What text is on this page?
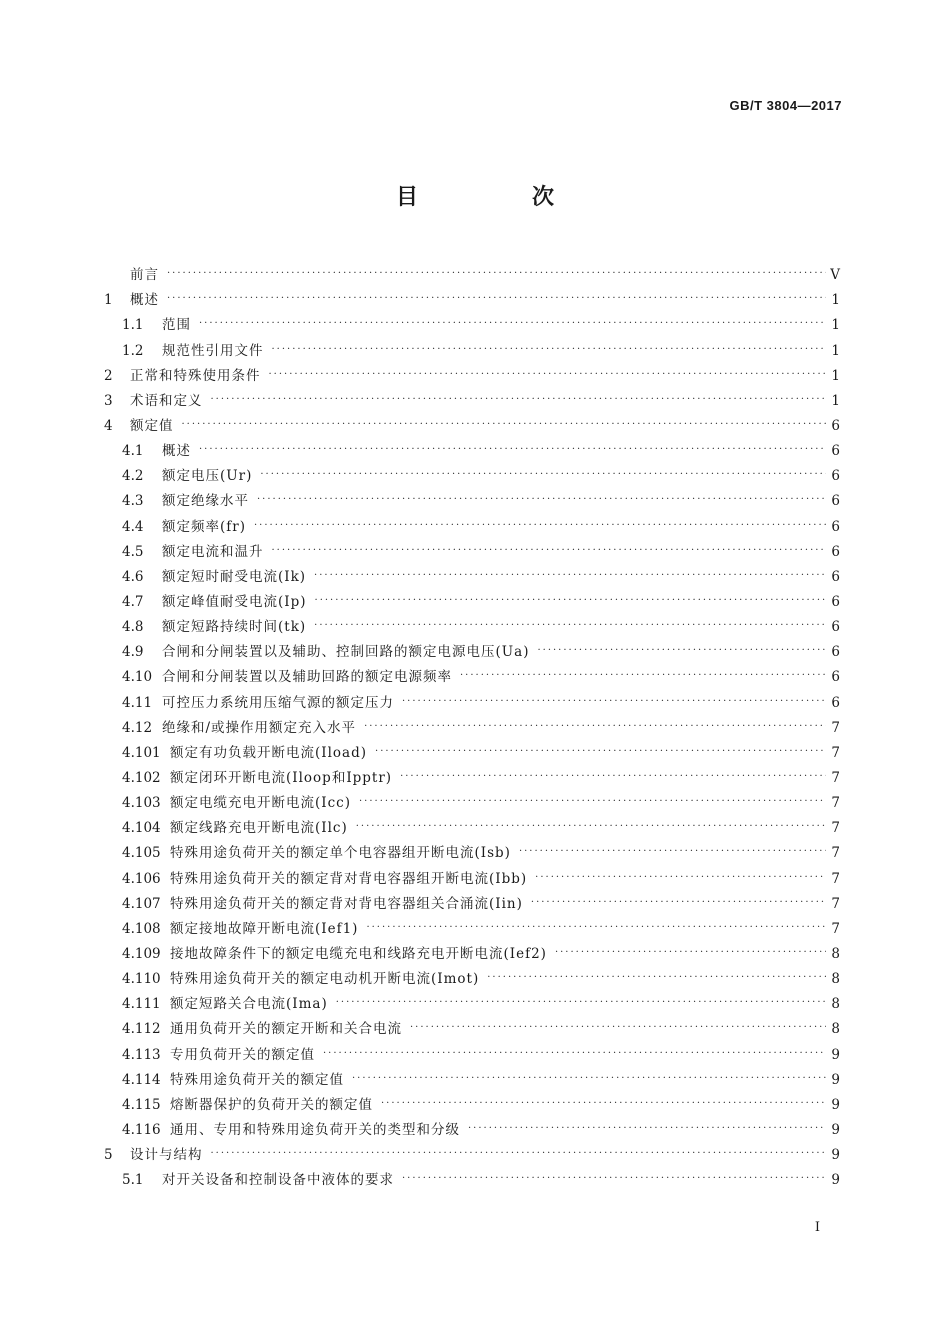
GB/T 3804—2017
目　次
前言 ·····	V
1	概述 ·····	1
1.1	范围 ·····	1
1.2	规范性引用文件 ·····	1
2	正常和特殊使用条件 ·····	1
3	术语和定义 ·····	1
4	额定值 ·····	6
4.1	概述 ·····	6
4.2	额定电压(Ur) ·····	6
4.3	额定绝缘水平 ·····	6
4.4	额定频率(fr) ·····	6
4.5	额定电流和温升 ·····	6
4.6	额定短时耐受电流(Ik) ·····	6
4.7	额定峰值耐受电流(Ip) ·····	6
4.8	额定短路持续时间(tk) ·····	6
4.9	合闸和分闸装置以及辅助、控制回路的额定电源电压(Ua) ·····	6
4.10 合闸和分闸装置以及辅助回路的额定电源频率 ·····	6
4.11 可控压力系统用压缩气源的额定压力 ·····	6
4.12 绝缘和/或操作用额定充入水平 ·····	7
4.101 额定有功负载开断电流(Iload) ·····	7
4.102 额定闭环开断电流(Iloop和Ipptr) ·····	7
4.103 额定电缆充电开断电流(Icc) ·····	7
4.104 额定线路充电开断电流(Ilc) ·····	7
4.105 特殊用途负荷开关的额定单个电容器组开断电流(Isb) ·····	7
4.106 特殊用途负荷开关的额定背对背电容器组开断电流(Ibb) ·····	7
4.107 特殊用途负荷开关的额定背对背电容器组关合涌流(Iin) ·····	7
4.108 额定接地故障开断电流(Ief1) ·····	7
4.109 接地故障条件下的额定电缆充电和线路充电开断电流(Ief2) ·····	8
4.110 特殊用途负荷开关的额定电动机开断电流(Imot) ·····	8
4.111 额定短路关合电流(Ima) ·····	8
4.112 通用负荷开关的额定开断和关合电流 ·····	8
4.113 专用负荷开关的额定值 ·····	9
4.114 特殊用途负荷开关的额定值 ·····	9
4.115 熔断器保护的负荷开关的额定值 ·····	9
4.116 通用、专用和特殊用途负荷开关的类型和分级 ·····	9
5	设计与结构 ·····	9
5.1	对开关设备和控制设备中液体的要求 ·····	9
I
